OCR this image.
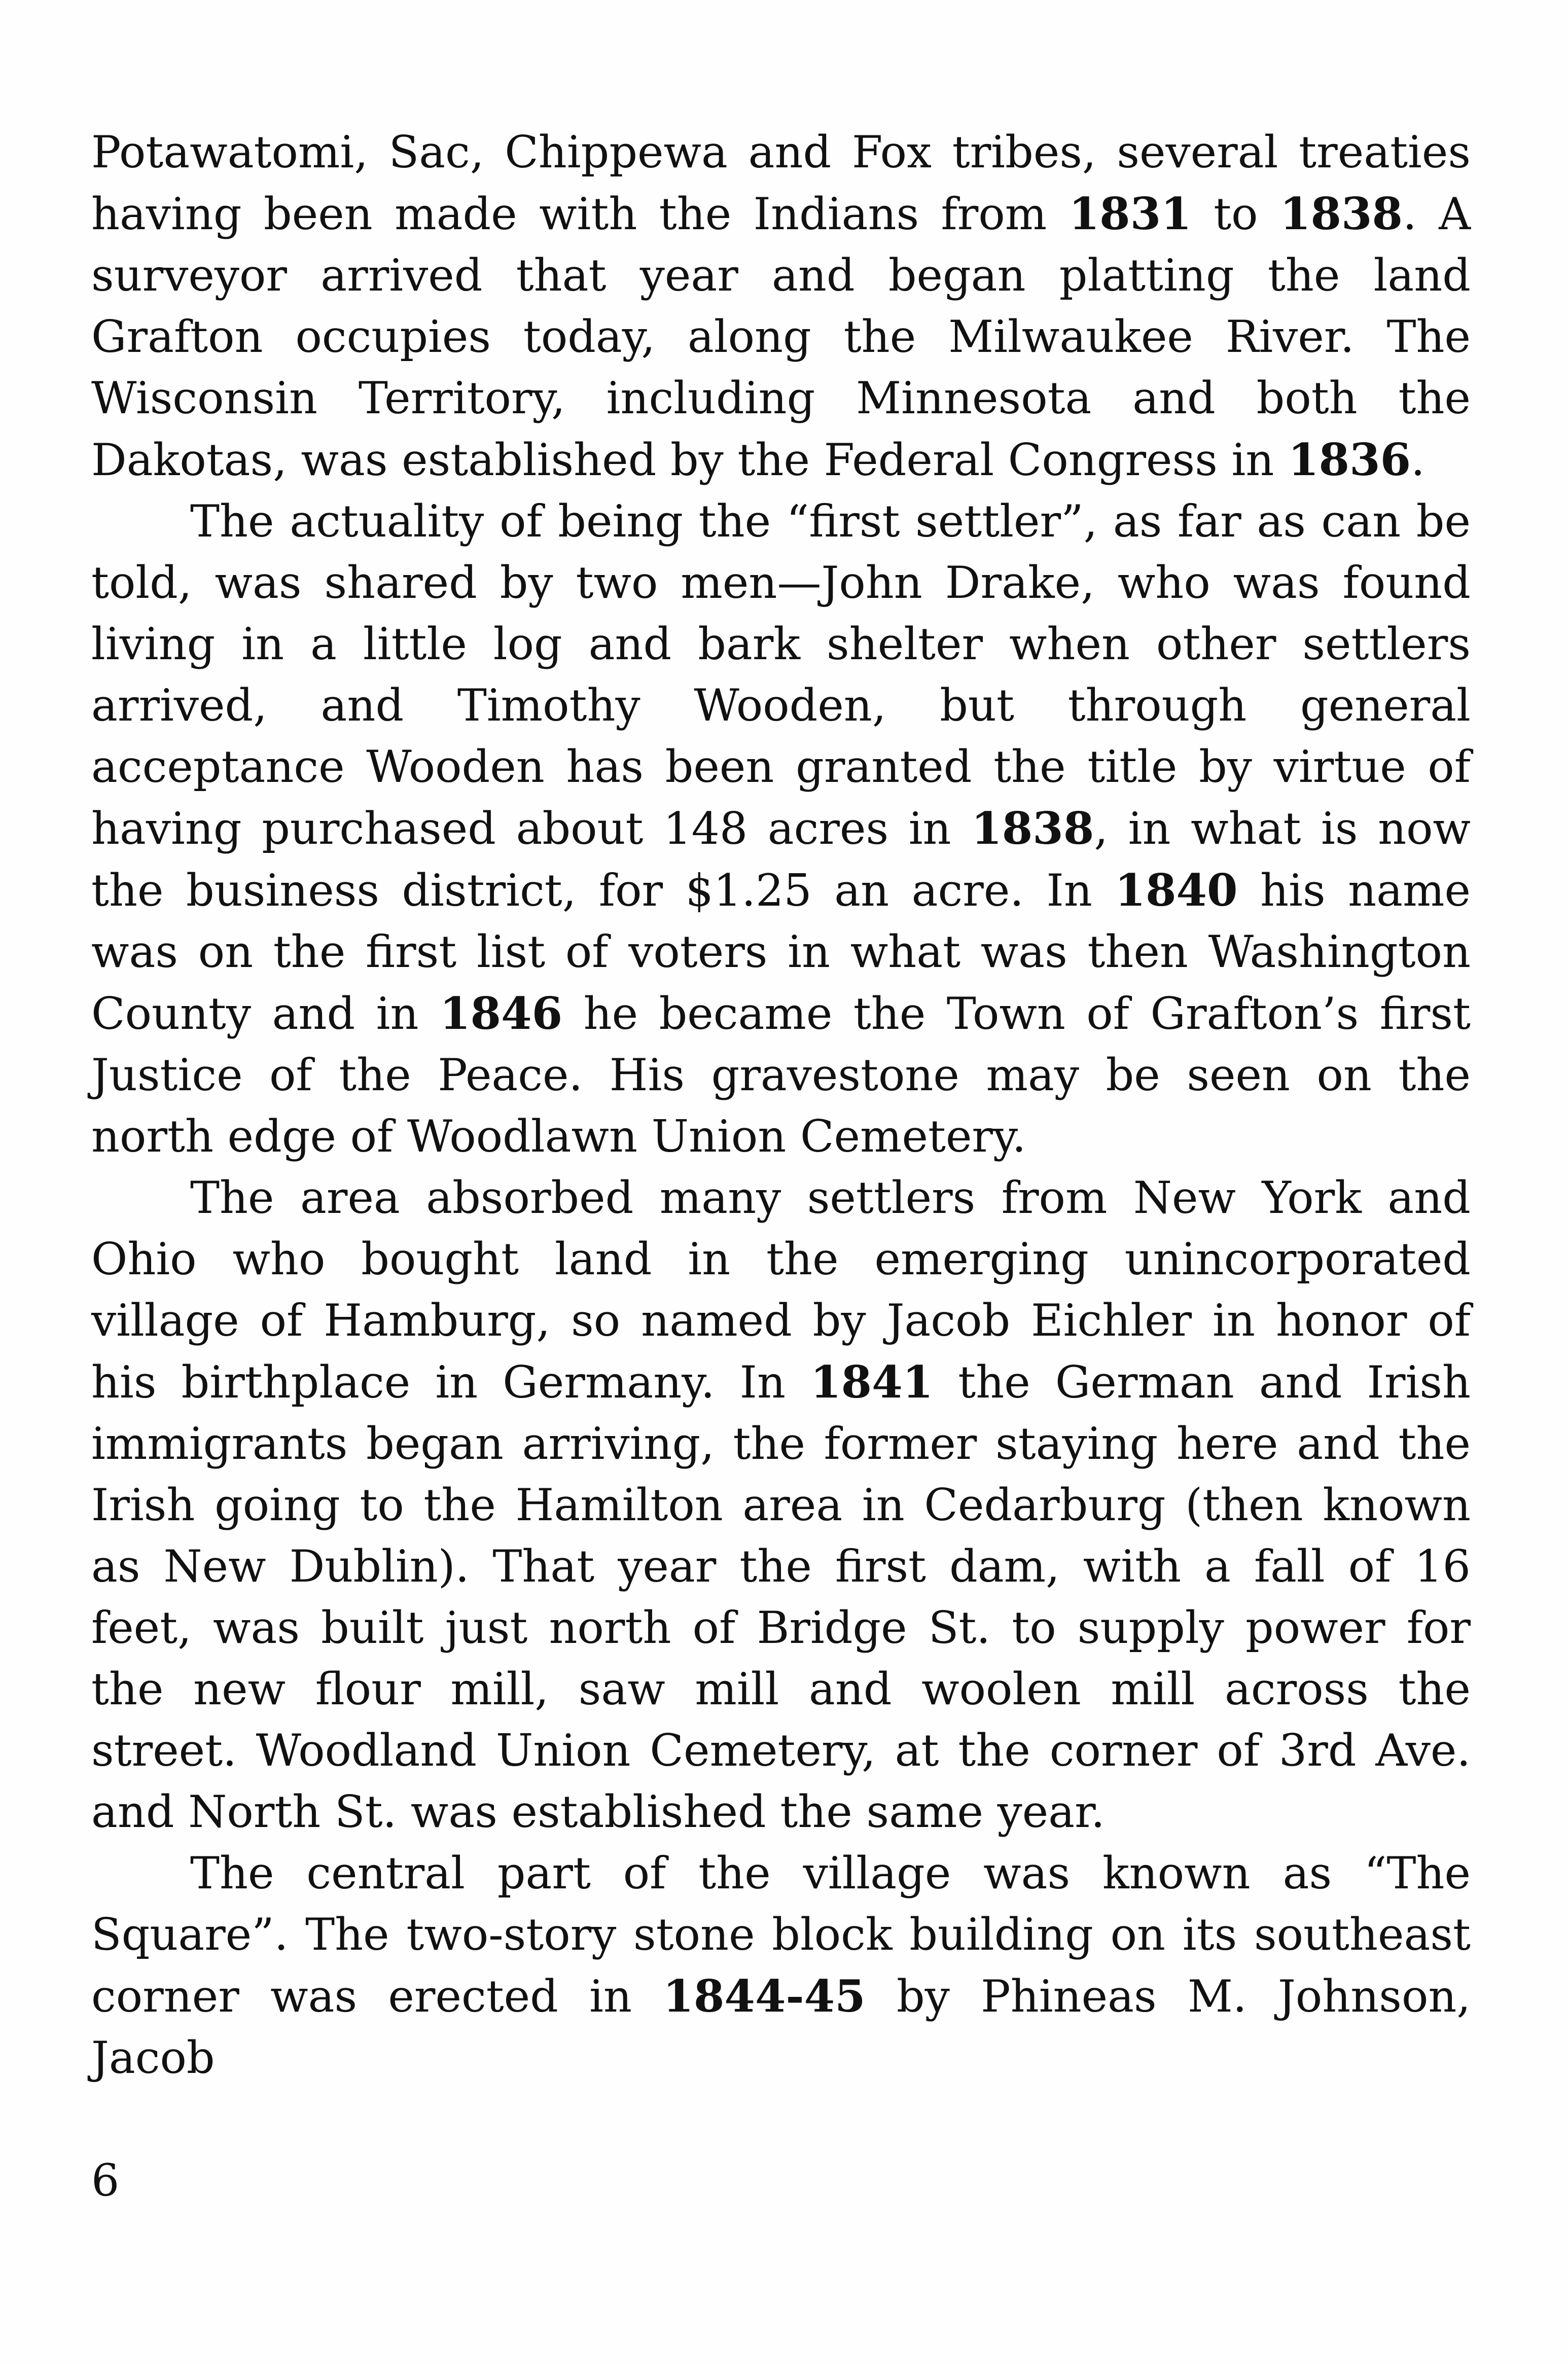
Potawatomi, Sac, Chippewa and Fox tribes, several treaties having been made with the Indians from 1831 to 1838. A surveyor arrived that year and began platting the land Grafton occupies today, along the Milwaukee River. The Wisconsin Territory, including Minnesota and both the Dakotas, was established by the Federal Congress in 1836.

The actuality of being the “first settler”, as far as can be told, was shared by two men—John Drake, who was found living in a little log and bark shelter when other settlers arrived, and Timothy Wooden, but through general acceptance Wooden has been granted the title by virtue of having purchased about 148 acres in 1838, in what is now the business district, for $1.25 an acre. In 1840 his name was on the first list of voters in what was then Washington County and in 1846 he became the Town of Grafton’s first Justice of the Peace. His gravestone may be seen on the north edge of Woodlawn Union Cemetery.

The area absorbed many settlers from New York and Ohio who bought land in the emerging unincorporated village of Hamburg, so named by Jacob Eichler in honor of his birthplace in Germany. In 1841 the German and Irish immigrants began arriving, the former staying here and the Irish going to the Hamilton area in Cedarburg (then known as New Dublin). That year the first dam, with a fall of 16 feet, was built just north of Bridge St. to supply power for the new flour mill, saw mill and woolen mill across the street. Woodland Union Cemetery, at the corner of 3rd Ave. and North St. was established the same year.

The central part of the village was known as “The Square”. The two-story stone block building on its southeast corner was erected in 1844-45 by Phineas M. Johnson, Jacob

6
